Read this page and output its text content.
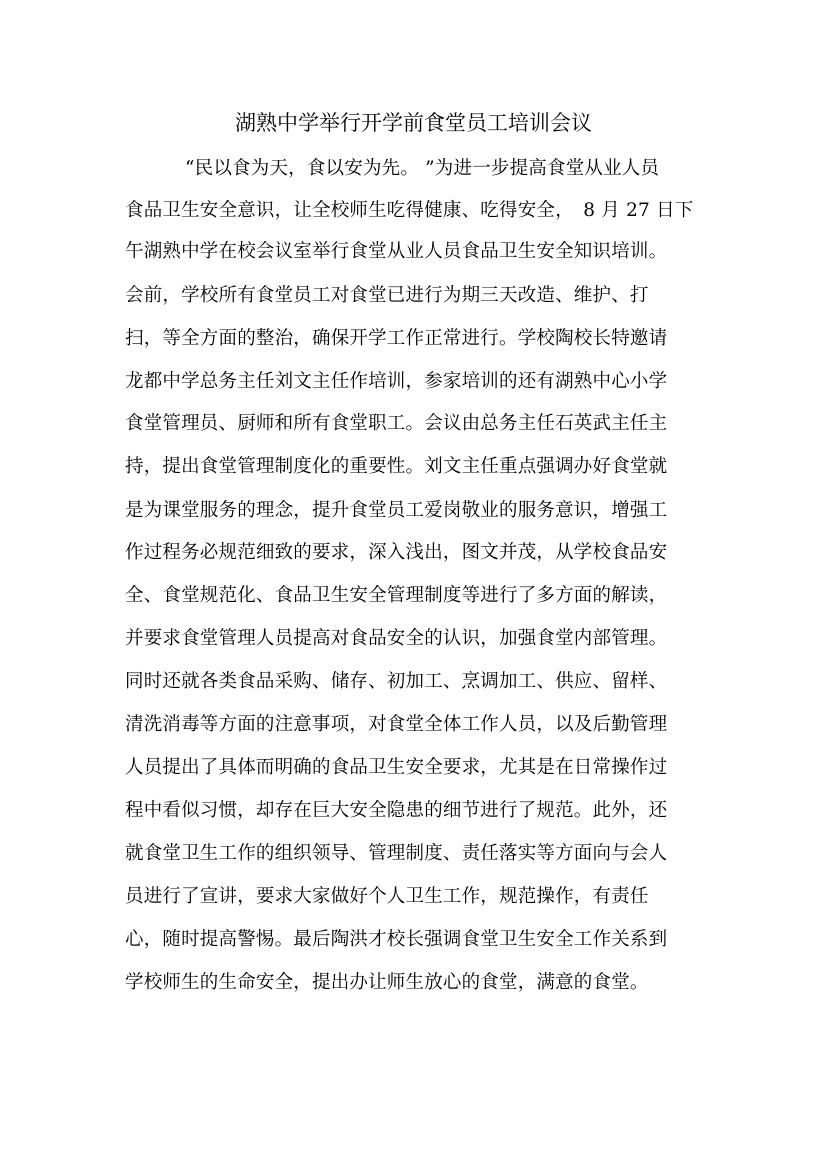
湖熟中学举行开学前食堂员工培训会议
“民以食为天，食以安为先。 ”为进一步提高食堂从业人员
食品卫生安全意识，让全校师生吃得健康、吃得安全，　8 月 27 日下
午湖熟中学在校会议室举行食堂从业人员食品卫生安全知识培训。
会前，学校所有食堂员工对食堂已进行为期三天改造、维护、打
扫，等全方面的整治，确保开学工作正常进行。学校陶校长特邀请
龙都中学总务主任刘文主任作培训，参家培训的还有湖熟中心小学
食堂管理员、厨师和所有食堂职工。会议由总务主任石英武主任主
持，提出食堂管理制度化的重要性。刘文主任重点强调办好食堂就
是为课堂服务的理念，提升食堂员工爱岗敬业的服务意识，增强工
作过程务必规范细致的要求，深入浅出，图文并茂，从学校食品安
全、食堂规范化、食品卫生安全管理制度等进行了多方面的解读，
并要求食堂管理人员提高对食品安全的认识，加强食堂内部管理。
同时还就各类食品采购、储存、初加工、烹调加工、供应、留样、
清洗消毒等方面的注意事项，对食堂全体工作人员，以及后勤管理
人员提出了具体而明确的食品卫生安全要求，尤其是在日常操作过
程中看似习惯，却存在巨大安全隐患的细节进行了规范。此外，还
就食堂卫生工作的组织领导、管理制度、责任落实等方面向与会人
员进行了宣讲，要求大家做好个人卫生工作，规范操作，有责任
心，随时提高警惕。最后陶洪才校长强调食堂卫生安全工作关系到
学校师生的生命安全，提出办让师生放心的食堂，满意的食堂。
